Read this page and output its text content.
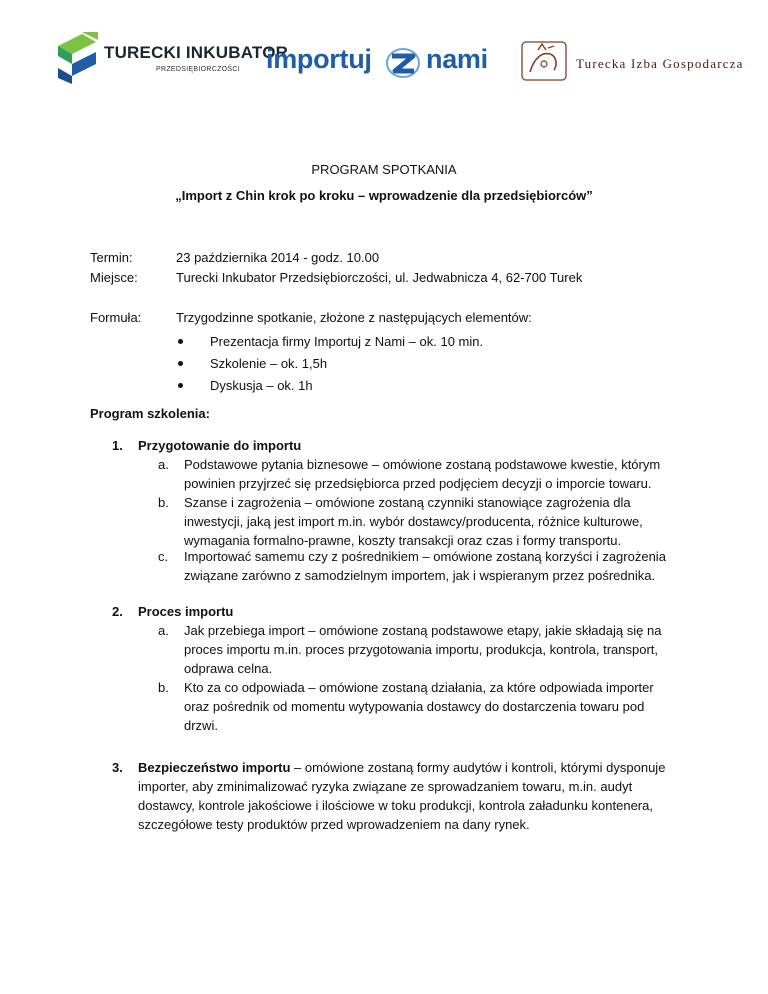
TURECKI INKUBATOR
PRZEDSIĘBIORCZOŚCI importuj nami	Turecka Izba Gospodarcza
PROGRAM SPOTKANIA
„Import z Chin krok po kroku – wprowadzenie dla przedsiębiorców”
Termin:	23 października 2014 - godz. 10.00
Miejsce:	Turecki Inkubator Przedsiębiorczości, ul. Jedwabnicza 4, 62-700 Turek
Formuła:	Trzygodzinne spotkanie, złożone z następujących elementów:
Prezentacja firmy Importuj z Nami – ok. 10 min.
Szkolenie – ok. 1,5h
Dyskusja – ok. 1h
Program szkolenia:
1. Przygotowanie do importu
a. Podstawowe pytania biznesowe – omówione zostaną podstawowe kwestie, którym
powinien przyjrzeć się przedsiębiorca przed podjęciem decyzji o imporcie towaru.
b. Szanse i zagrożenia – omówione zostaną czynniki stanowiące zagrożenia dla
inwestycji, jaką jest import m.in. wybór dostawcy/producenta, różnice kulturowe,
wymagania formalno-prawne, koszty transakcji oraz czas i formy transportu.
c. Importować samemu czy z pośrednikiem – omówione zostaną korzyści i zagrożenia
związane zarówno z samodzielnym importem, jak i wspieranym przez pośrednika.
2. Proces importu
a. Jak przebiega import – omówione zostaną podstawowe etapy, jakie składają się na
proces importu m.in. proces przygotowania importu, produkcja, kontrola, transport,
odprawa celna.
b. Kto za co odpowiada – omówione zostaną działania, za które odpowiada importer
oraz pośrednik od momentu wytypowania dostawcy do dostarczenia towaru pod
drzwi.
3. Bezpieczeństwo importu – omówione zostaną formy audytów i kontroli, którymi dysponuje
importer, aby zminimalizować ryzyka związane ze sprowadzaniem towaru, m.in. audyt
dostawcy, kontrole jakościowe i ilościowe w toku produkcji, kontrola załadunku kontenera,
szczegółowe testy produktów przed wprowadzeniem na dany rynek.
